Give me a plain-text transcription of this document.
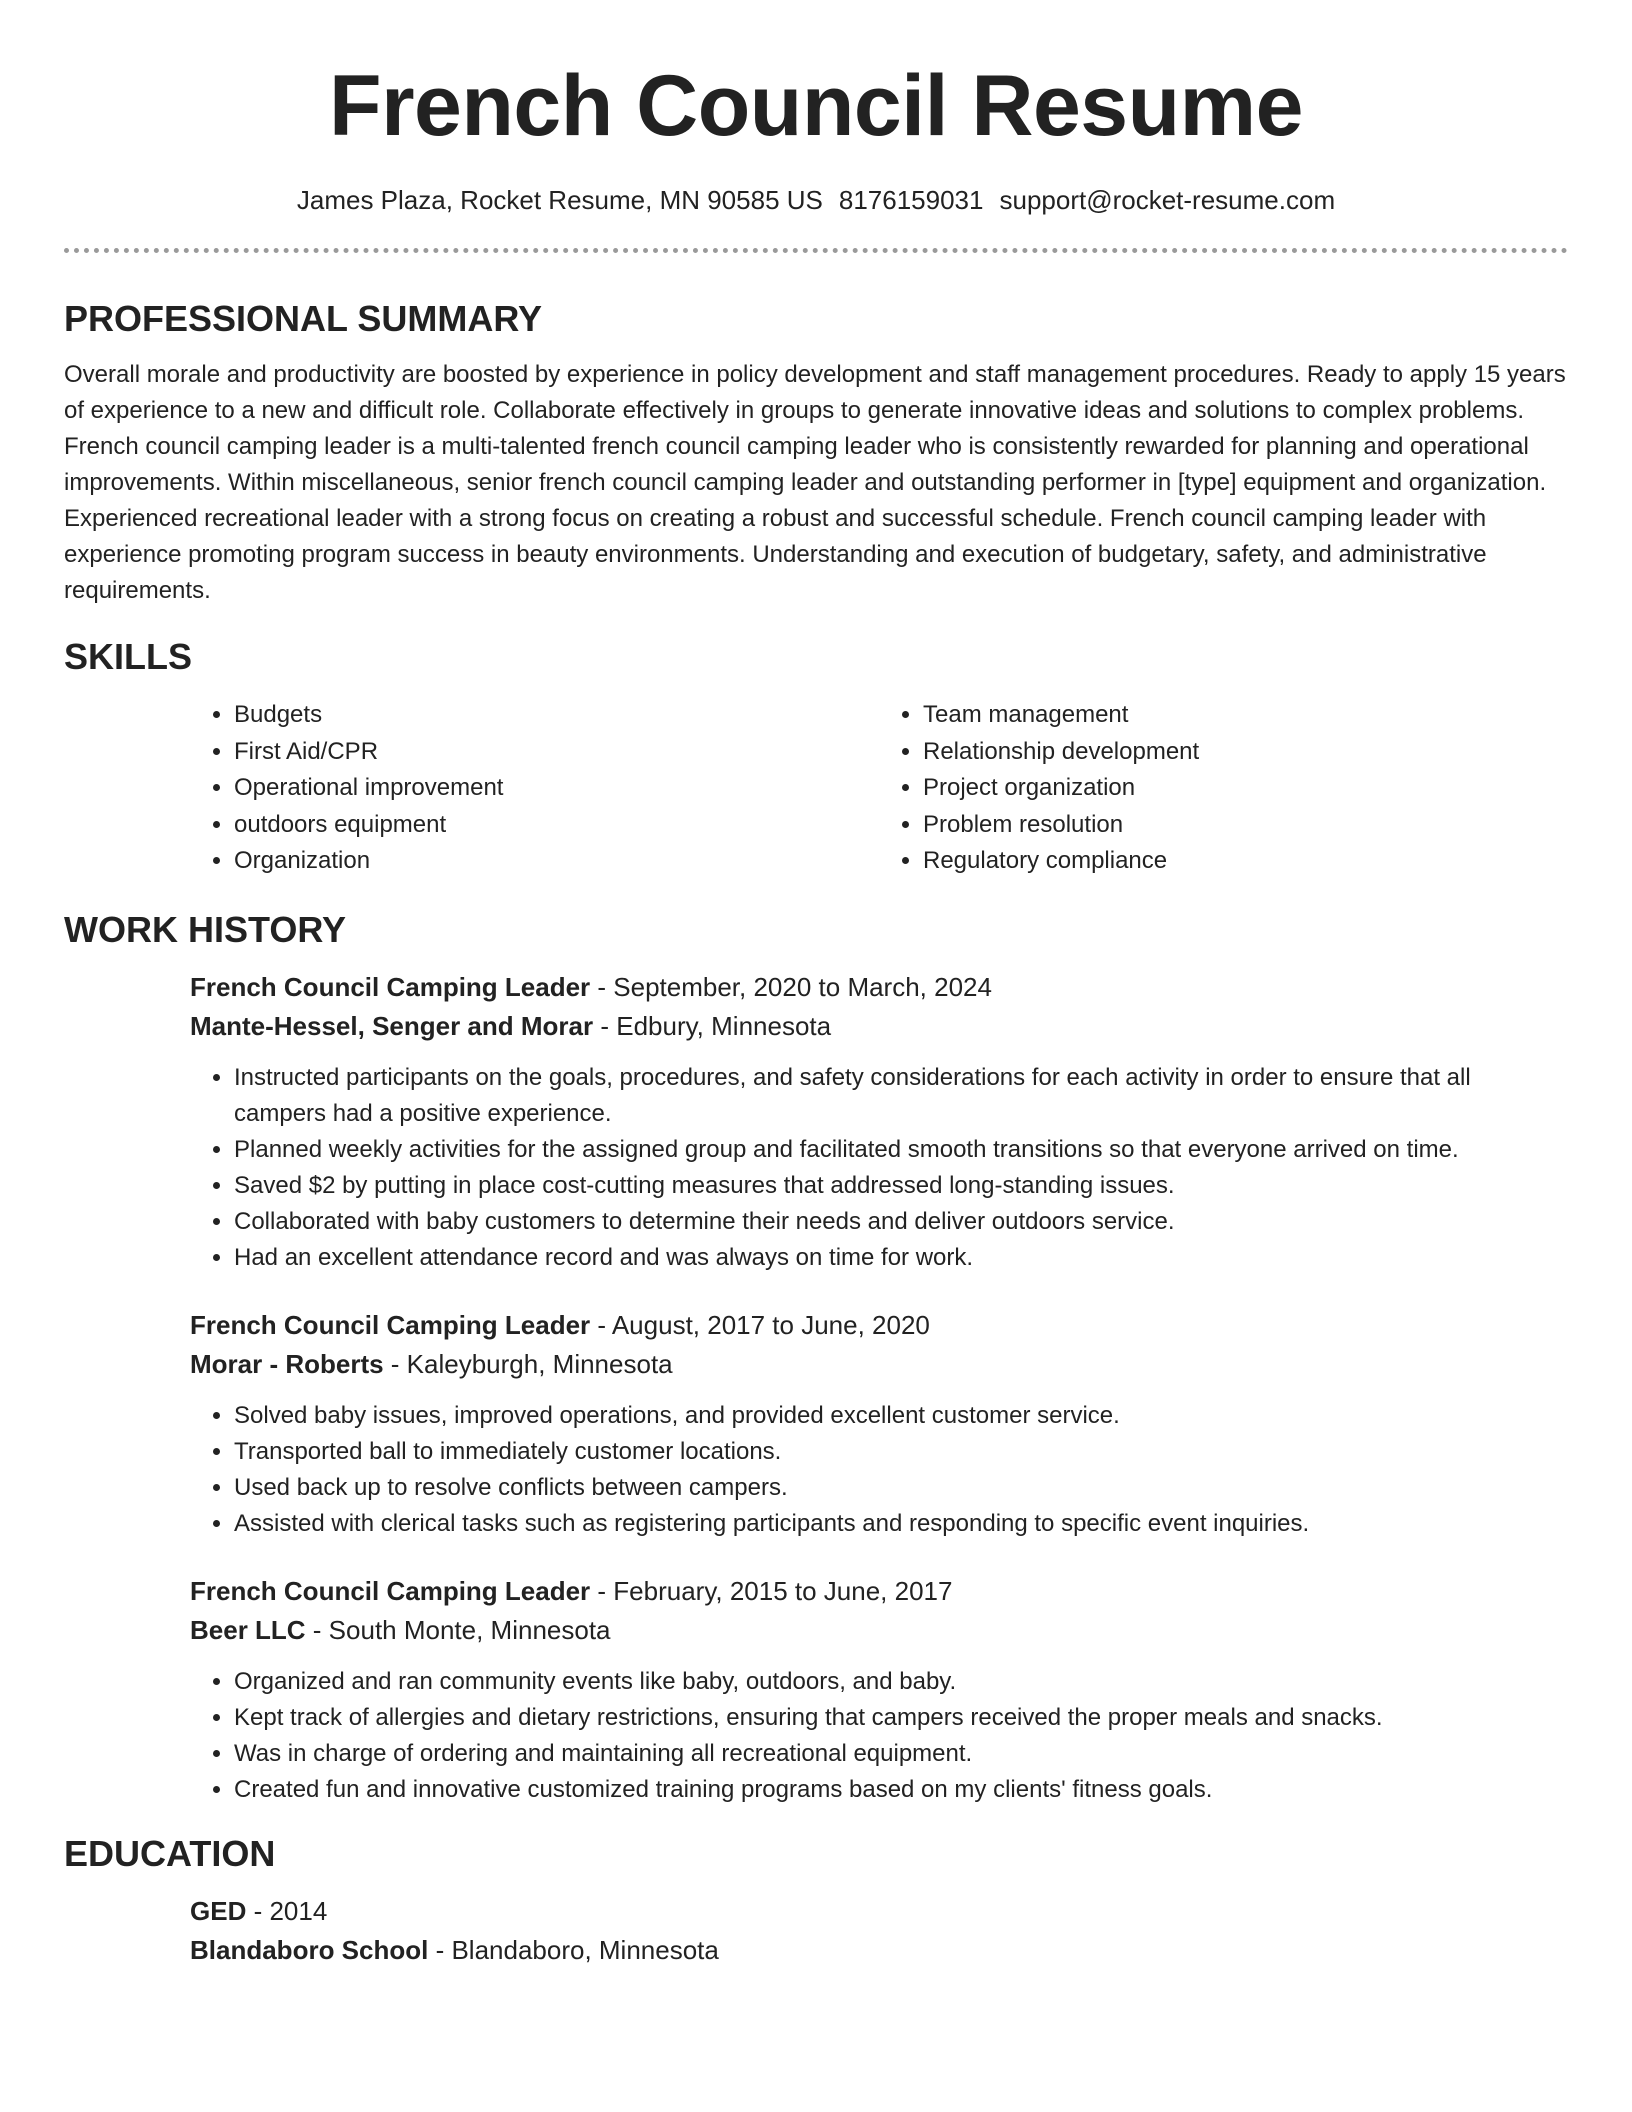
French Council Resume
James Plaza, Rocket Resume, MN 90585 US 8176159031 support@rocket-resume.com
PROFESSIONAL SUMMARY

Overall morale and productivity are boosted by experience in policy development and staff management procedures. Ready to apply 15 years of experience to a new and difficult role. Collaborate effectively in groups to generate innovative ideas and solutions to complex problems. French council camping leader is a multi-talented french council camping leader who is consistently rewarded for planning and operational improvements. Within miscellaneous, senior french council camping leader and outstanding performer in [type] equipment and organization. Experienced recreational leader with a strong focus on creating a robust and successful schedule. French council camping leader with experience promoting program success in beauty environments. Understanding and execution of budgetary, safety, and administrative requirements.

SKILLS
• Budgets
• First Aid/CPR
• Operational improvement
• outdoors equipment
• Organization
• Team management
• Relationship development
• Project organization
• Problem resolution
• Regulatory compliance
WORK HISTORY
French Council Camping Leader - September, 2020 to March, 2024
Mante-Hessel, Senger and Morar - Edbury, Minnesota
• Instructed participants on the goals, procedures, and safety considerations for each activity in order to ensure that all campers had a positive experience.
• Planned weekly activities for the assigned group and facilitated smooth transitions so that everyone arrived on time.
• Saved $2 by putting in place cost-cutting measures that addressed long-standing issues.
• Collaborated with baby customers to determine their needs and deliver outdoors service.
• Had an excellent attendance record and was always on time for work.
French Council Camping Leader - August, 2017 to June, 2020
Morar - Roberts - Kaleyburgh, Minnesota
• Solved baby issues, improved operations, and provided excellent customer service.
• Transported ball to immediately customer locations.
• Used back up to resolve conflicts between campers.
• Assisted with clerical tasks such as registering participants and responding to specific event inquiries.
French Council Camping Leader - February, 2015 to June, 2017
Beer LLC - South Monte, Minnesota
• Organized and ran community events like baby, outdoors, and baby.
• Kept track of allergies and dietary restrictions, ensuring that campers received the proper meals and snacks.
• Was in charge of ordering and maintaining all recreational equipment.
• Created fun and innovative customized training programs based on my clients' fitness goals.
EDUCATION
GED - 2014
Blandaboro School - Blandaboro, Minnesota
